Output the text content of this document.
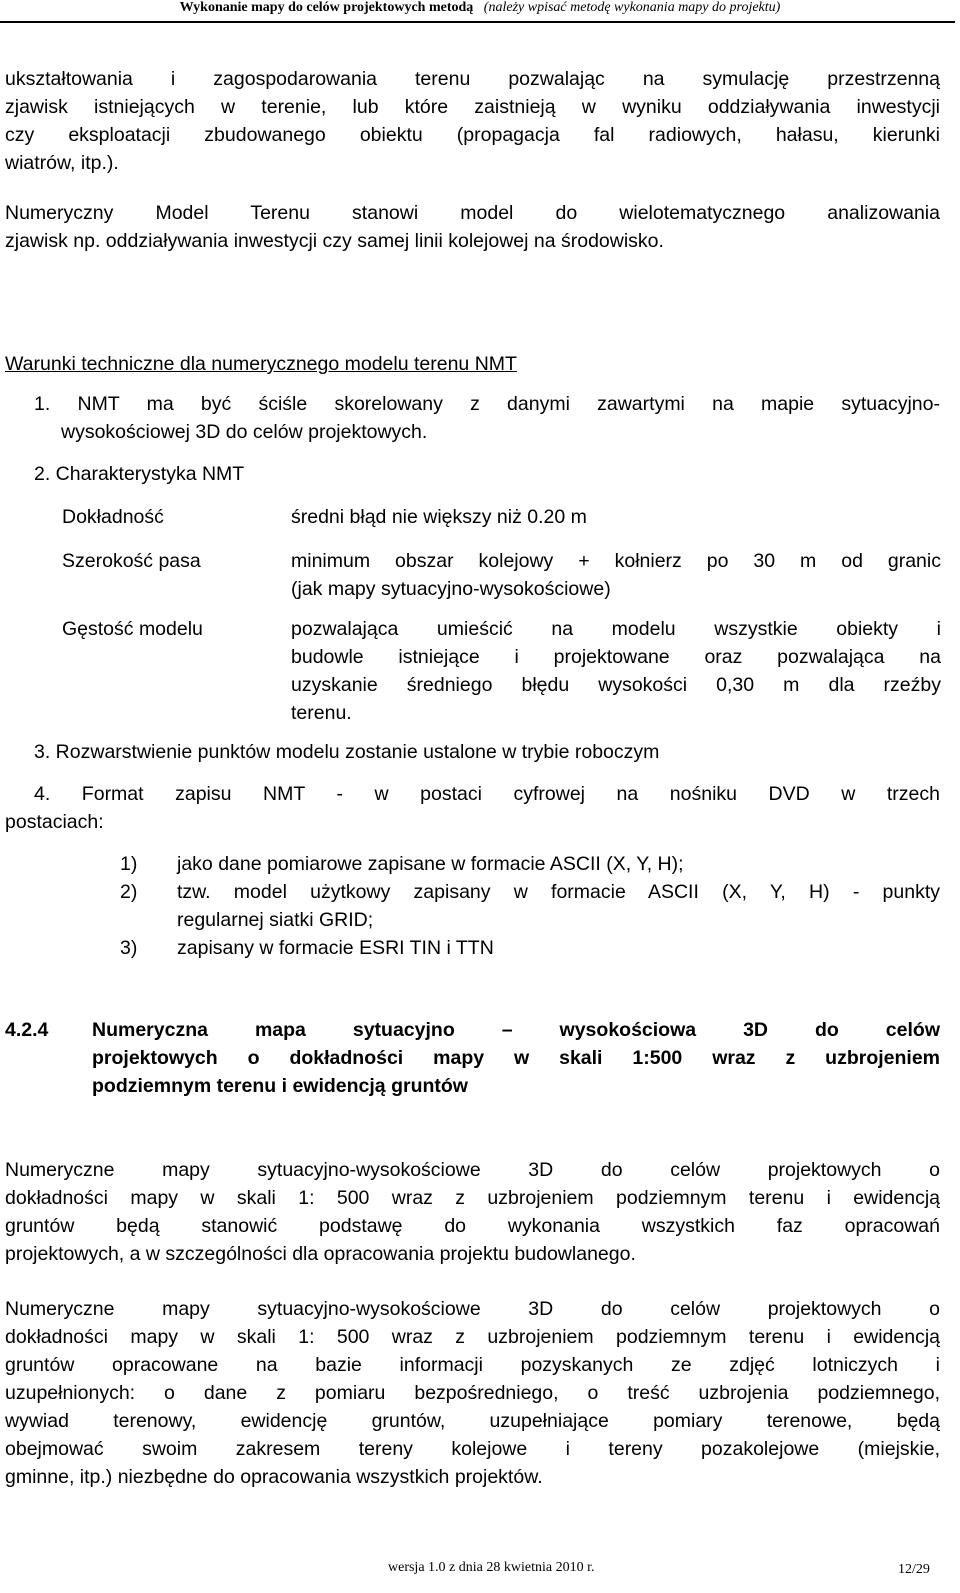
Wykonanie mapy do celów projektowych metodą (należy wpisać metodę wykonania mapy do projektu)
ukształtowania i zagospodarowania terenu pozwalając na symulację przestrzenną
zjawisk istniejących w terenie, lub które zaistnieją w wyniku oddziaływania inwestycji
czy eksploatacji zbudowanego obiektu (propagacja fal radiowych, hałasu, kierunki
wiatrów, itp.).
Numeryczny Model Terenu stanowi model do wielotematycznego analizowania
zjawisk np. oddziaływania inwestycji czy samej linii kolejowej na środowisko.
Warunki techniczne dla numerycznego modelu terenu NMT
1. NMT ma być ściśle skorelowany z danymi zawartymi na mapie sytuacyjno-
wysokościowej 3D do celów projektowych.
2. Charakterystyka NMT
Dokładność	średni błąd nie większy niż 0.20 m
Szerokość pasa	minimum obszar kolejowy + kołnierz po 30 m od granic
(jak mapy sytuacyjno-wysokościowe)
Gęstość modelu	pozwalająca umieścić na modelu wszystkie obiekty i
budowle istniejące i projektowane oraz pozwalająca na
uzyskanie średniego błędu wysokości 0,30 m dla rzeźby
terenu.
3. Rozwarstwienie punktów modelu zostanie ustalone w trybie roboczym
4. Format zapisu NMT - w postaci cyfrowej na nośniku DVD w trzech
postaciach:
1) jako dane pomiarowe zapisane w formacie ASCII (X, Y, H);
2) tzw. model użytkowy zapisany w formacie ASCII (X, Y, H) - punkty
regularnej siatki GRID;
3) zapisany w formacie ESRI TIN i TTN
4.2.4 Numeryczna mapa sytuacyjno – wysokościowa 3D do celów
projektowych o dokładności mapy w skali 1:500 wraz z uzbrojeniem
podziemnym terenu i ewidencją gruntów
Numeryczne mapy sytuacyjno-wysokościowe 3D do celów projektowych o
dokładności mapy w skali 1: 500 wraz z uzbrojeniem podziemnym terenu i ewidencją
gruntów będą stanowić podstawę do wykonania wszystkich faz opracowań
projektowych, a w szczególności dla opracowania projektu budowlanego.
Numeryczne mapy sytuacyjno-wysokościowe 3D do celów projektowych o
dokładności mapy w skali 1: 500 wraz z uzbrojeniem podziemnym terenu i ewidencją
gruntów opracowane na bazie informacji pozyskanych ze zdjęć lotniczych i
uzupełnionych: o dane z pomiaru bezpośredniego, o treść uzbrojenia podziemnego,
wywiad terenowy, ewidencję gruntów, uzupełniające pomiary terenowe, będą
obejmować swoim zakresem tereny kolejowe i tereny pozakolejowe (miejskie,
gminne, itp.) niezbędne do opracowania wszystkich projektów.
wersja 1.0 z dnia 28 kwietnia 2010 r.	12/29
